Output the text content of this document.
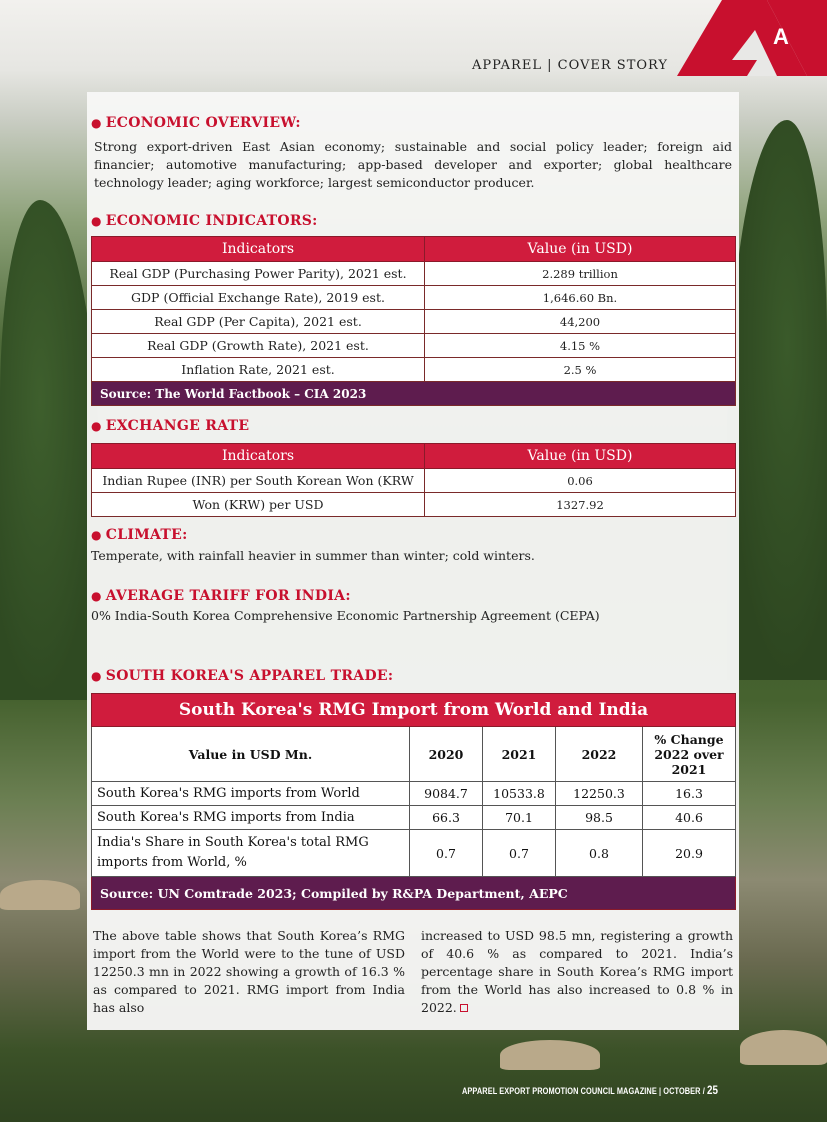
APPAREL | COVER STORY
A
● ECONOMIC OVERVIEW:
Strong export-driven East Asian economy; sustainable and social policy leader; foreign aid financier; automotive manufacturing; app-based developer and exporter; global healthcare technology leader; aging workforce; largest semiconductor producer.
● ECONOMIC INDICATORS:
Indicators	Value (in USD)
Real GDP (Purchasing Power Parity), 2021 est.	2.289 trillion
GDP (Official Exchange Rate), 2019 est.	1,646.60 Bn.
Real GDP (Per Capita), 2021 est.	44,200
Real GDP (Growth Rate), 2021 est.	4.15 %
Inflation Rate, 2021 est.	2.5 %
Source: The World Factbook – CIA 2023	
● EXCHANGE RATE
Indicators	Value (in USD)
Indian Rupee (INR) per South Korean Won (KRW	0.06
Won (KRW) per USD	1327.92
● CLIMATE:
Temperate, with rainfall heavier in summer than winter; cold winters.
● AVERAGE TARIFF FOR INDIA:
0% India-South Korea Comprehensive Economic Partnership Agreement (CEPA)
● SOUTH KOREA'S APPAREL TRADE:
South Korea's RMG Import from World and India				
Value in USD Mn.	2020	2021	2022	% Change 2022 over 2021
South Korea's RMG imports from World	9084.7	10533.8	12250.3	16.3
South Korea's RMG imports from India	66.3	70.1	98.5	40.6
India's Share in South Korea's total RMG imports from World, %	0.7	0.7	0.8	20.9
Source: UN Comtrade 2023; Compiled by R&PA Department, AEPC				
The above table shows that South Korea’s RMG import from the World were to the tune of USD 12250.3 mn in 2022 showing a growth of 16.3 % as compared to 2021. RMG import from India has also
increased to USD 98.5 mn, registering a growth of 40.6 % as compared to 2021. India’s percentage share in South Korea’s RMG import from the World has also increased to 0.8 % in 2022.
APPAREL EXPORT PROMOTION COUNCIL MAGAZINE | OCTOBER / 25
